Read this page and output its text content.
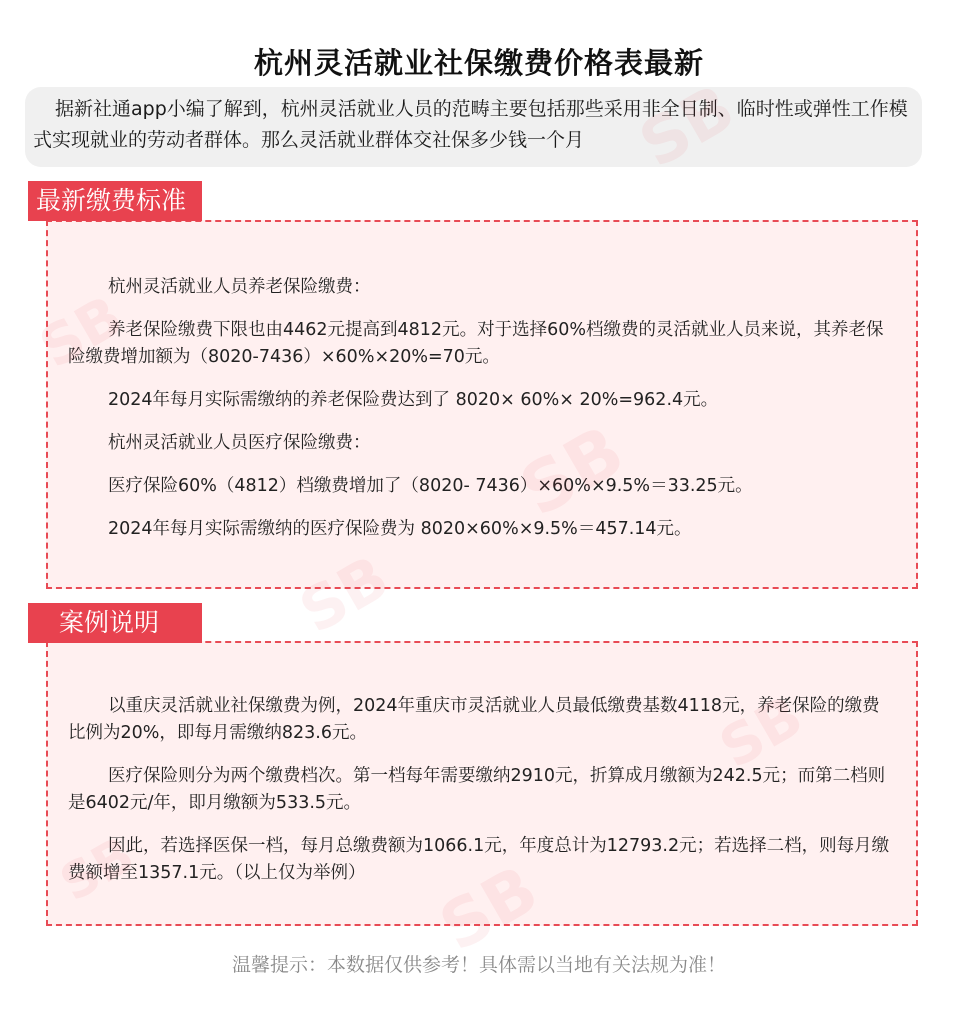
杭州灵活就业社保缴费价格表最新
据新社通app小编了解到，杭州灵活就业人员的范畴主要包括那些采用非全日制、临时性或弹性工作模式实现就业的劳动者群体。那么灵活就业群体交社保多少钱一个月
最新缴费标准

杭州灵活就业人员养老保险缴费：

养老保险缴费下限也由4462元提高到4812元。对于选择60%档缴费的灵活就业人员来说，其养老保险缴费增加额为（8020-7436）×60%×20%=70元。

2024年每月实际需缴纳的养老保险费达到了 8020× 60%× 20%=962.4元。

杭州灵活就业人员医疗保险缴费：

医疗保险60%（4812）档缴费增加了（8020- 7436）×60%×9.5%＝33.25元。

2024年每月实际需缴纳的医疗保险费为 8020×60%×9.5%＝457.14元。

案例说明

以重庆灵活就业社保缴费为例，2024年重庆市灵活就业人员最低缴费基数4118元，养老保险的缴费比例为20%，即每月需缴纳823.6元。

医疗保险则分为两个缴费档次。第一档每年需要缴纳2910元，折算成月缴额为242.5元；而第二档则是6402元/年，即月缴额为533.5元。

因此，若选择医保一档，每月总缴费额为1066.1元，年度总计为12793.2元；若选择二档，则每月缴费额增至1357.1元。（以上仅为举例）

温馨提示：本数据仅供参考！具体需以当地有关法规为准！
SB
